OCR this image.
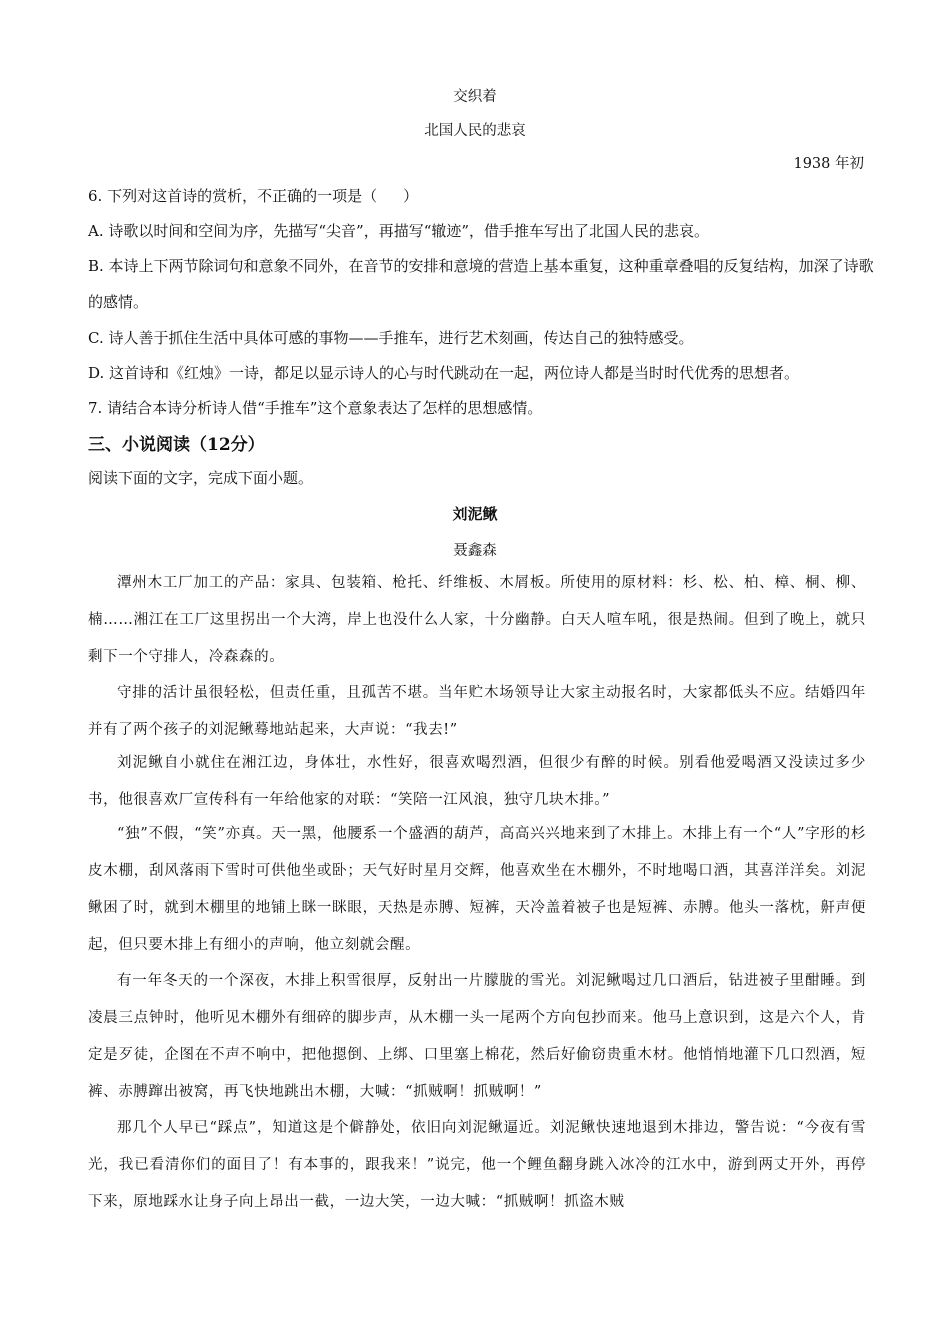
交织着
北国人民的悲哀
1938 年初
6. 下列对这首诗的赏析，不正确的一项是（ ）
A. 诗歌以时间和空间为序，先描写“尖音”，再描写“辙迹”，借手推车写出了北国人民的悲哀。
B. 本诗上下两节除词句和意象不同外，在音节的安排和意境的营造上基本重复，这种重章叠唱的反复结构，加深了诗歌的感情。
C. 诗人善于抓住生活中具体可感的事物——手推车，进行艺术刻画，传达自己的独特感受。
D. 这首诗和《红烛》一诗，都足以显示诗人的心与时代跳动在一起，两位诗人都是当时时代优秀的思想者。
7. 请结合本诗分析诗人借“手推车”这个意象表达了怎样的思想感情。
三、小说阅读（12分）
阅读下面的文字，完成下面小题。
刘泥鳅
聂鑫森
潭州木工厂加工的产品：家具、包装箱、枪托、纤维板、木屑板。所使用的原材料：杉、松、柏、樟、桐、柳、楠……湘江在工厂这里拐出一个大湾，岸上也没什么人家，十分幽静。白天人喧车吼，很是热闹。但到了晚上，就只剩下一个守排人，冷森森的。
守排的活计虽很轻松，但责任重，且孤苦不堪。当年贮木场领导让大家主动报名时，大家都低头不应。结婚四年并有了两个孩子的刘泥鳅蓦地站起来，大声说：“我去!”
刘泥鳅自小就住在湘江边，身体壮，水性好，很喜欢喝烈酒，但很少有醉的时候。别看他爱喝酒又没读过多少书，他很喜欢厂宣传科有一年给他家的对联：“笑陪一江风浪，独守几块木排。”
“独”不假，“笑”亦真。天一黑，他腰系一个盛酒的葫芦，高高兴兴地来到了木排上。木排上有一个“人”字形的杉皮木棚，刮风落雨下雪时可供他坐或卧；天气好时星月交辉，他喜欢坐在木棚外，不时地喝口酒，其喜洋洋矣。刘泥鳅困了时，就到木棚里的地铺上眯一眯眼，天热是赤膊、短裤，天冷盖着被子也是短裤、赤膊。他头一落枕，鼾声便起，但只要木排上有细小的声响，他立刻就会醒。
有一年冬天的一个深夜，木排上积雪很厚，反射出一片朦胧的雪光。刘泥鳅喝过几口酒后，钻进被子里酣睡。到凌晨三点钟时，他听见木棚外有细碎的脚步声，从木棚一头一尾两个方向包抄而来。他马上意识到，这是六个人，肯定是歹徒，企图在不声不响中，把他摁倒、上绑、口里塞上棉花，然后好偷窃贵重木材。他悄悄地灌下几口烈酒，短裤、赤膊蹿出被窝，再飞快地跳出木棚，大喊：“抓贼啊！抓贼啊！”
那几个人早已“踩点”，知道这是个僻静处，依旧向刘泥鳅逼近。刘泥鳅快速地退到木排边，警告说：“今夜有雪光，我已看清你们的面目了！有本事的，跟我来！”说完，他一个鲤鱼翻身跳入冰冷的江水中，游到两丈开外，再停下来，原地踩水让身子向上昂出一截，一边大笑，一边大喊：“抓贼啊！抓盗木贼
